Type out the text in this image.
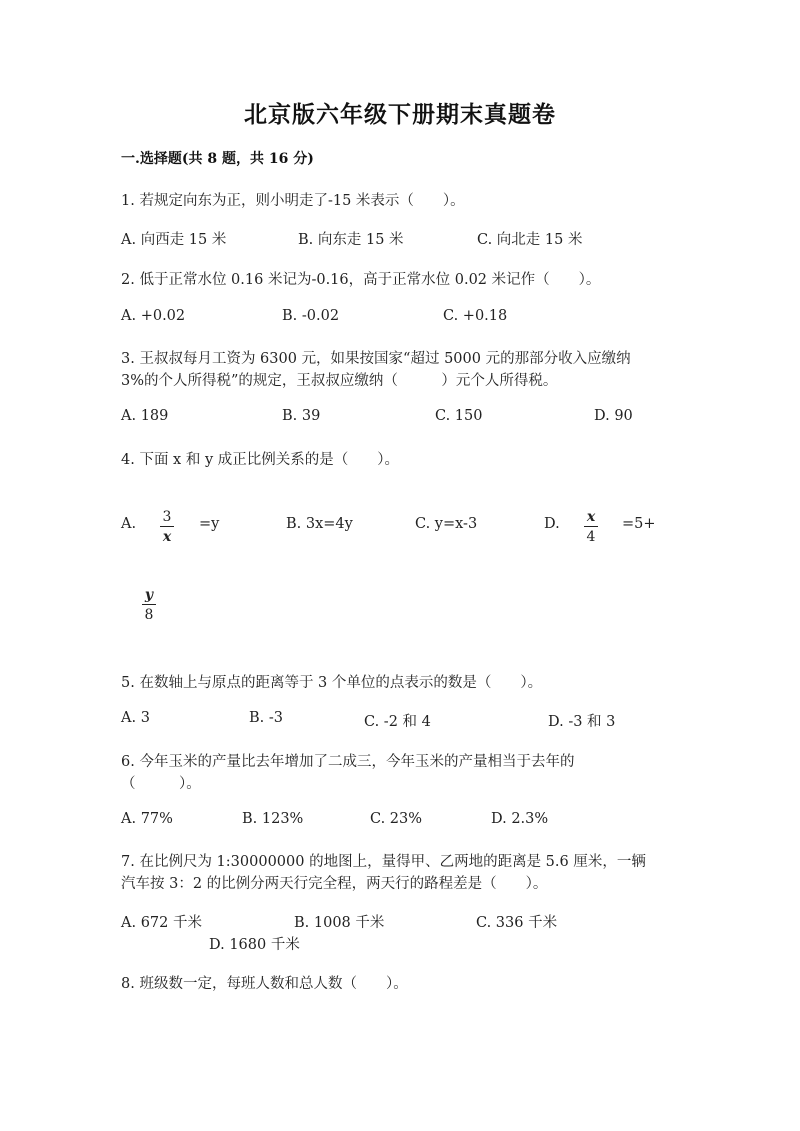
北京版六年级下册期末真题卷
一.选择题(共 8 题，共 16 分)
1. 若规定向东为正，则小明走了-15 米表示（　　）。
A. 向西走 15 米	B. 向东走 15 米	C. 向北走 15 米
2. 低于正常水位 0.16 米记为-0.16，高于正常水位 0.02 米记作（　　）。
A. +0.02	B. -0.02	C. +0.18
3. 王叔叔每月工资为 6300 元，如果按国家“超过 5000 元的那部分收入应缴纳
3%的个人所得税”的规定，王叔叔应缴纳（　　　）元个人所得税。
A. 189	B. 39	C. 150	D. 90
4. 下面 x 和 y 成正比例关系的是（　　）。
A. 3
x
=y	B. 3x=4y	C. y=x-3	D. x
4
=5+
y
8
5. 在数轴上与原点的距离等于 3 个单位的点表示的数是（　　）。
A. 3	B. -3	C. -2 和 4	D. -3 和 3
6. 今年玉米的产量比去年增加了二成三，今年玉米的产量相当于去年的
（　　　）。
A. 77%	B. 123%	C. 23%	D. 2.3%
7. 在比例尺为 1:30000000 的地图上，量得甲、乙两地的距离是 5.6 厘米，一辆
汽车按 3：2 的比例分两天行完全程，两天行的路程差是（　　）。
A. 672 千米	B. 1008 千米	C. 336 千米
D. 1680 千米
8. 班级数一定，每班人数和总人数（　　）。
